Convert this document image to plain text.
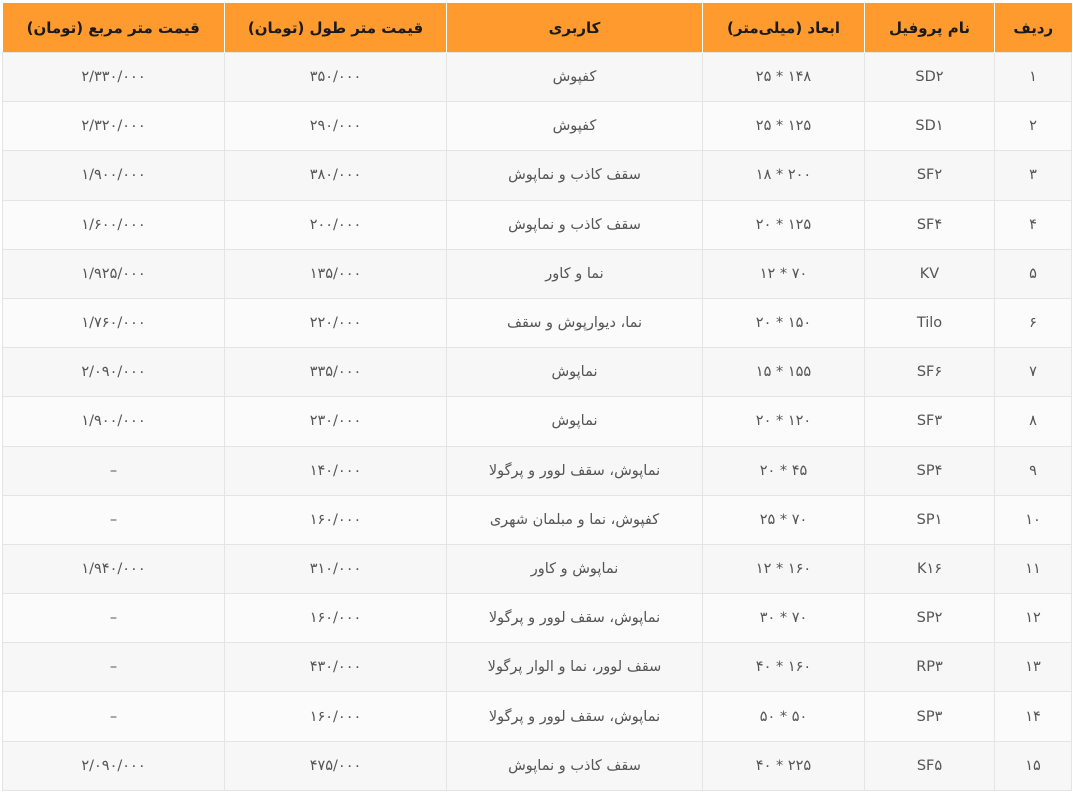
ردیف	نام پروفیل	ابعاد (میلی‌متر)	کاربری	قیمت متر طول (تومان)	قیمت متر مربع (تومان)
۱	SD۲	۱۴۸ * ۲۵	کفپوش	۳۵۰/۰۰۰	۲/۳۳۰/۰۰۰
۲	SD۱	۱۲۵ * ۲۵	کفپوش	۲۹۰/۰۰۰	۲/۳۲۰/۰۰۰
۳	SF۲	۲۰۰ * ۱۸	سقف کاذب و نماپوش	۳۸۰/۰۰۰	۱/۹۰۰/۰۰۰
۴	SF۴	۱۲۵ * ۲۰	سقف کاذب و نماپوش	۲۰۰/۰۰۰	۱/۶۰۰/۰۰۰
۵	KV	۷۰ * ۱۲	نما و کاور	۱۳۵/۰۰۰	۱/۹۲۵/۰۰۰
۶	Tilo	۱۵۰ * ۲۰	نما، دیوارپوش و سقف	۲۲۰/۰۰۰	۱/۷۶۰/۰۰۰
۷	SF۶	۱۵۵ * ۱۵	نماپوش	۳۳۵/۰۰۰	۲/۰۹۰/۰۰۰
۸	SF۳	۱۲۰ * ۲۰	نماپوش	۲۳۰/۰۰۰	۱/۹۰۰/۰۰۰
۹	SP۴	۴۵ * ۲۰	نماپوش، سقف لوور و پرگولا	۱۴۰/۰۰۰	–
۱۰	SP۱	۷۰ * ۲۵	کفپوش، نما و مبلمان شهری	۱۶۰/۰۰۰	–
۱۱	K۱۶	۱۶۰ * ۱۲	نماپوش و کاور	۳۱۰/۰۰۰	۱/۹۴۰/۰۰۰
۱۲	SP۲	۷۰ * ۳۰	نماپوش، سقف لوور و پرگولا	۱۶۰/۰۰۰	–
۱۳	RP۳	۱۶۰ * ۴۰	سقف لوور، نما و الوار پرگولا	۴۳۰/۰۰۰	–
۱۴	SP۳	۵۰ * ۵۰	نماپوش، سقف لوور و پرگولا	۱۶۰/۰۰۰	–
۱۵	SF۵	۲۲۵ * ۴۰	سقف کاذب و نماپوش	۴۷۵/۰۰۰	۲/۰۹۰/۰۰۰
